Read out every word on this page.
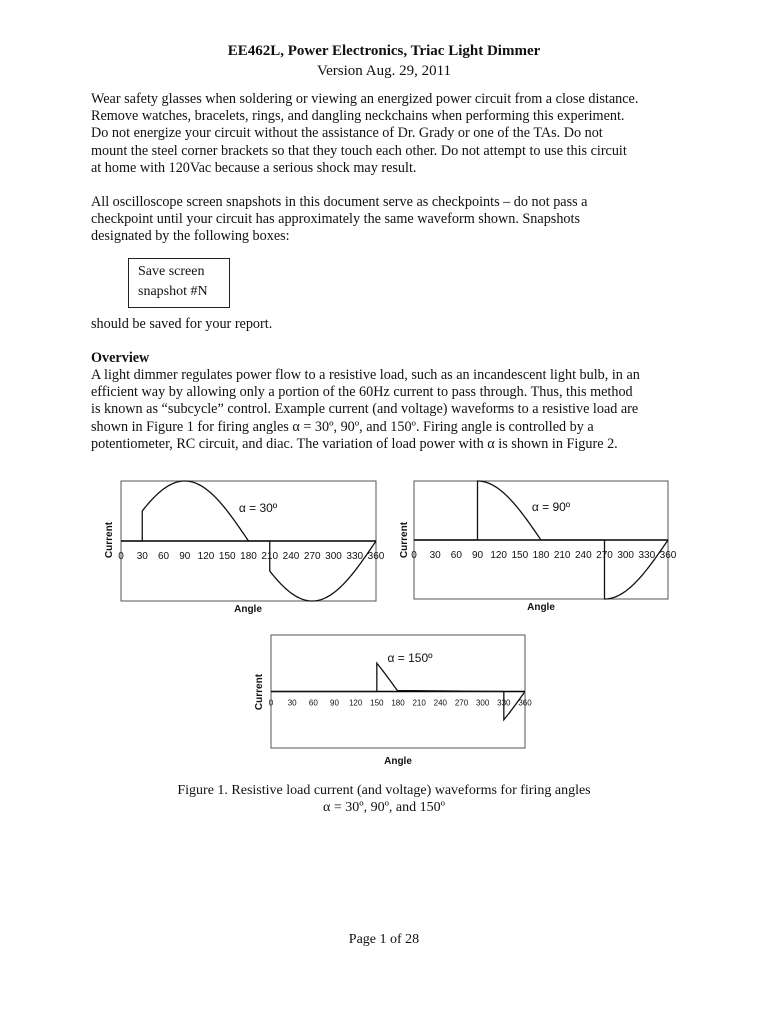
EE462L, Power Electronics, Triac Light Dimmer
Version Aug. 29, 2011

Wear safety glasses when soldering or viewing an energized power circuit from a close distance.
Remove watches, bracelets, rings, and dangling neckchains when performing this experiment.
Do not energize your circuit without the assistance of Dr. Grady or one of the TAs. Do not
mount the steel corner brackets so that they touch each other. Do not attempt to use this circuit
at home with 120Vac because a serious shock may result.

All oscilloscope screen snapshots in this document serve as checkpoints – do not pass a
checkpoint until your circuit has approximately the same waveform shown. Snapshots
designated by the following boxes:

Save screen
snapshot #N

should be saved for your report.

Overview

A light dimmer regulates power flow to a resistive load, such as an incandescent light bulb, in an
efficient way by allowing only a portion of the 60Hz current to pass through. Thus, this method
is known as “subcycle” control. Example current (and voltage) waveforms to a resistive load are
shown in Figure 1 for firing angles α = 30º, 90º, and 150º. Firing angle is controlled by a
potentiometer, RC circuit, and diac. The variation of load power with α is shown in Figure 2.

0 30 60 90 120 150 180 210 240 270 300 330 360
α = 30º
Current
Angle
0 30 60 90 120 150 180 210 240 270 300 330 360
α = 90º
Current
Angle
0 30 60 90 120 150 180 210 240 270 300 330 360
α = 150º
Current
Angle
Figure 1. Resistive load current (and voltage) waveforms for firing angles
α = 30º, 90º, and 150º
Page 1 of 28
